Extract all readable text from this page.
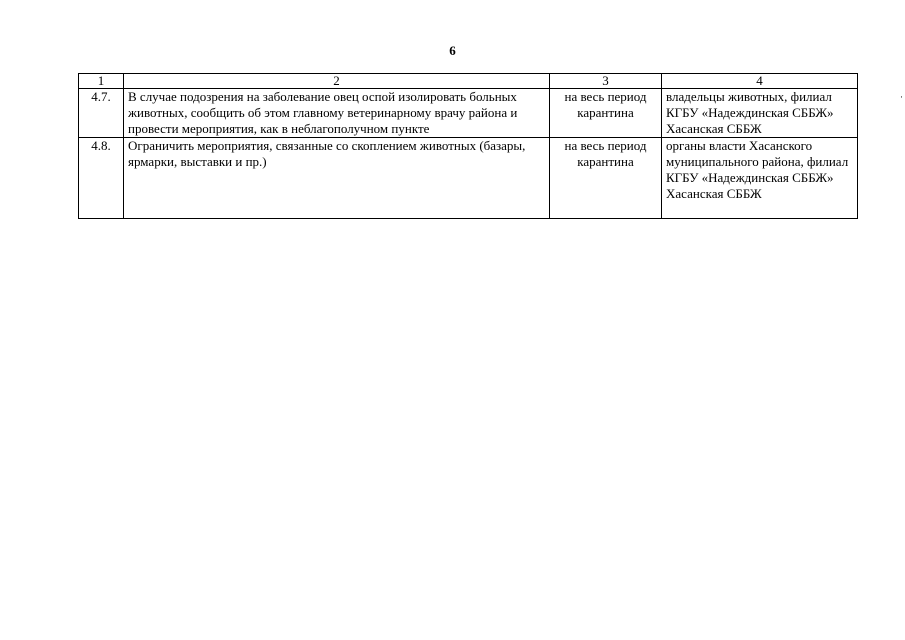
6
1	2	3	4
4.7.	В случае подозрения на заболевание овец оспой изолировать больных животных, сообщить об этом главному ветеринарному врачу района и провести мероприятия, как в неблагополучном пункте	на весь период карантина	владельцы животных, филиал КГБУ «Надеждинская СББЖ» Хасанская СББЖ
4.8.	Ограничить мероприятия, связанные со скоплением животных (базары, ярмарки, выставки и пр.)	на весь период карантина	органы власти Хасанского муниципального района, филиал КГБУ «Надеждинская СББЖ» Хасанская СББЖ
·
